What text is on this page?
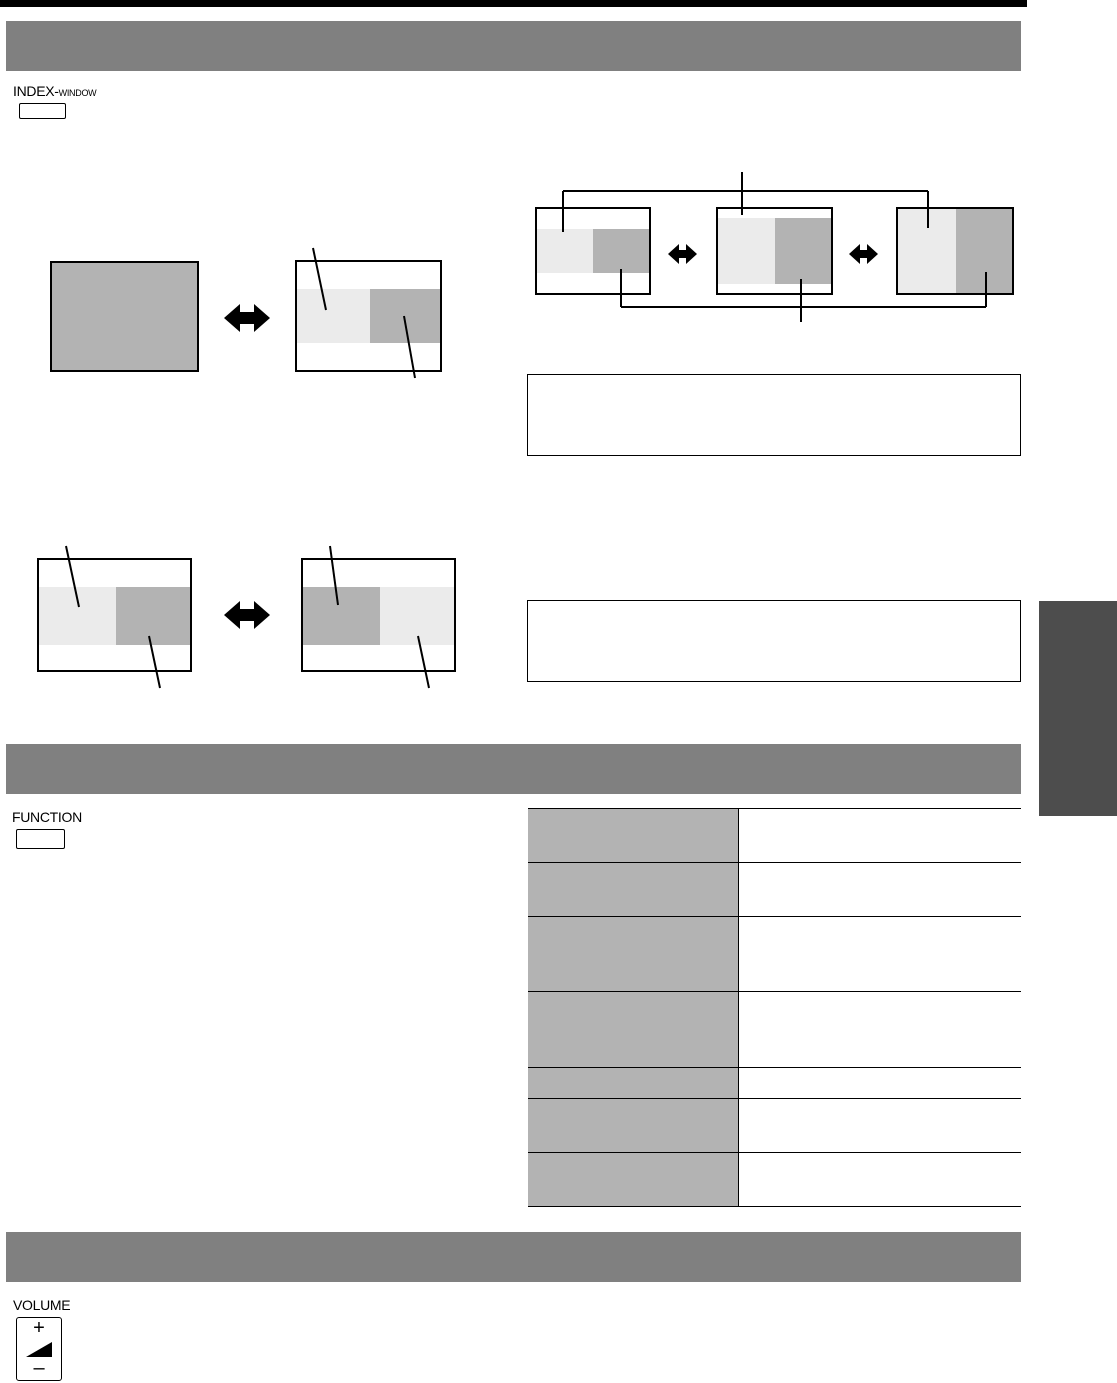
INDEX-WINDOW
FUNCTION

VOLUME
+
–
